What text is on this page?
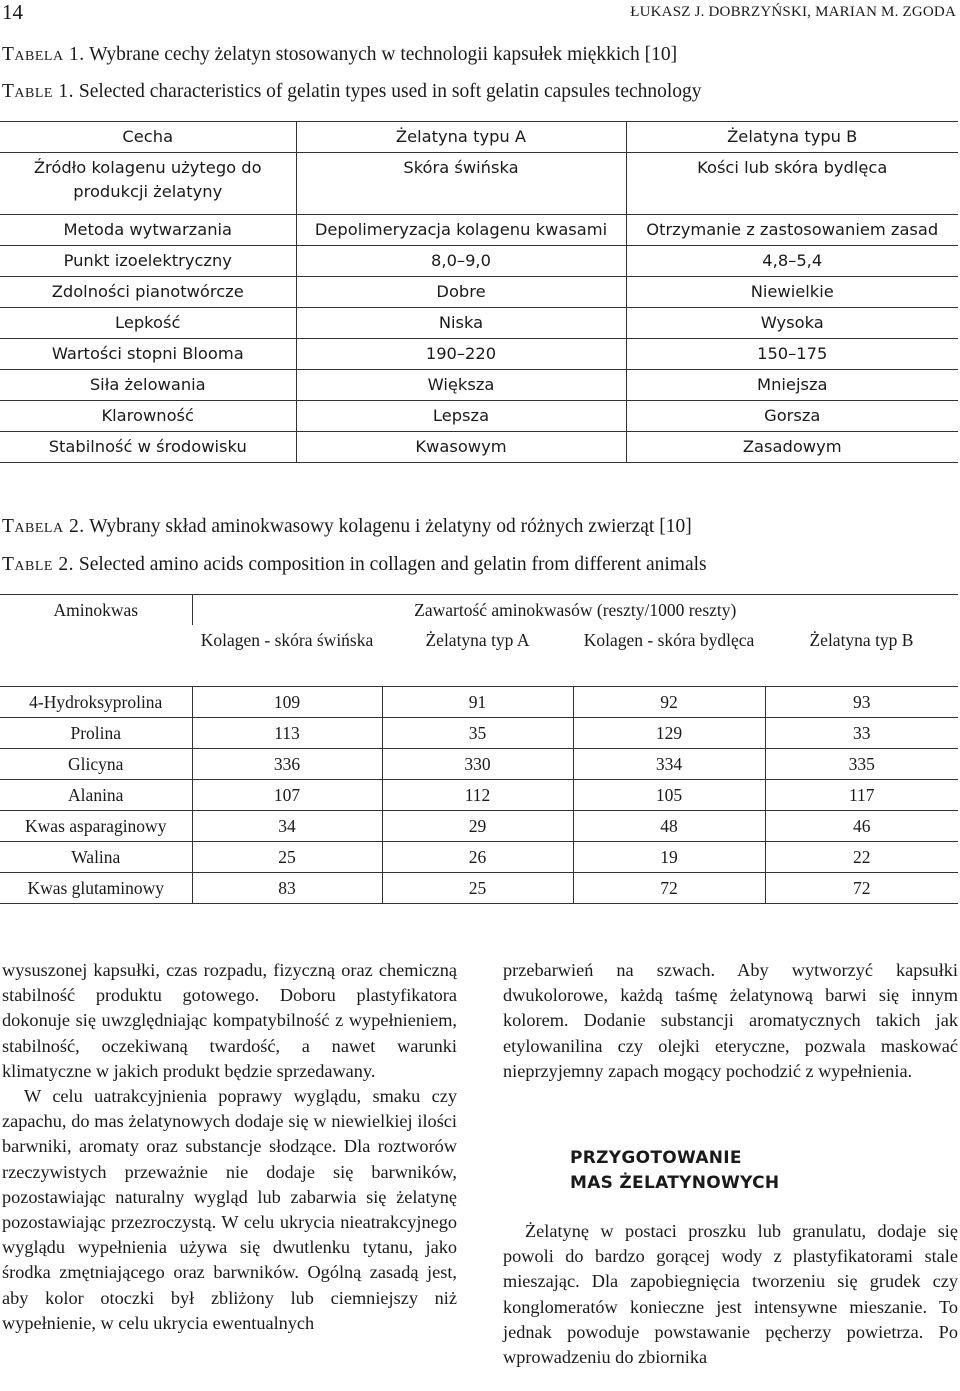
14	ŁUKASZ J. DOBRZYŃSKI, MARIAN M. ZGODA
Tabela 1. Wybrane cechy żelatyn stosowanych w technologii kapsułek miękkich [10]
Table 1. Selected characteristics of gelatin types used in soft gelatin capsules technology
Cecha	Żelatyna typu A	Żelatyna typu B
Źródło kolagenu użytego do produkcji żelatyny	Skóra świńska	Kości lub skóra bydlęca
Metoda wytwarzania	Depolimeryzacja kolagenu kwasami	Otrzymanie z zastosowaniem zasad
Punkt izoelektryczny	8,0–9,0	4,8–5,4
Zdolności pianotwórcze	Dobre	Niewielkie
Lepkość	Niska	Wysoka
Wartości stopni Blooma	190–220	150–175
Siła żelowania	Większa	Mniejsza
Klarowność	Lepsza	Gorsza
Stabilność w środowisku	Kwasowym	Zasadowym
Tabela 2. Wybrany skład aminokwasowy kolagenu i żelatyny od różnych zwierząt [10]
Table 2. Selected amino acids composition in collagen and gelatin from different animals
Aminokwas	Zawartość aminokwasów (reszty/1000 reszty)			
	Kolagen - skóra świńska	Żelatyna typ A	Kolagen - skóra bydlęca	Żelatyna typ B
4-Hydroksyprolina	109	91	92	93
Prolina	113	35	129	33
Glicyna	336	330	334	335
Alanina	107	112	105	117
Kwas asparaginowy	34	29	48	46
Walina	25	26	19	22
Kwas glutaminowy	83	25	72	72

wysuszonej kapsułki, czas rozpadu, fizyczną oraz chemiczną stabilność produktu gotowego. Doboru plastyfikatora dokonuje się uwzględniając kompatybilność z wypełnieniem, stabilność, oczekiwaną twardość, a nawet warunki klimatyczne w jakich produkt będzie sprzedawany.

W celu uatrakcyjnienia poprawy wyglądu, smaku czy zapachu, do mas żelatynowych dodaje się w niewielkiej ilości barwniki, aromaty oraz substancje słodzące. Dla roztworów rzeczywistych przeważnie nie dodaje się barwników, pozostawiając naturalny wygląd lub zabarwia się żelatynę pozostawiając przezroczystą. W celu ukrycia nieatrakcyjnego wyglądu wypełnienia używa się dwutlenku tytanu, jako środka zmętniającego oraz barwników. Ogólną zasadą jest, aby kolor otoczki był zbliżony lub ciemniejszy niż wypełnienie, w celu ukrycia ewentualnych

przebarwień na szwach. Aby wytworzyć kapsułki dwukolorowe, każdą taśmę żelatynową barwi się innym kolorem. Dodanie substancji aromatycznych takich jak etylowanilina czy olejki eteryczne, pozwala maskować nieprzyjemny zapach mogący pochodzić z wypełnienia.

PRZYGOTOWANIE
MAS ŻELATYNOWYCH

Żelatynę w postaci proszku lub granulatu, dodaje się powoli do bardzo gorącej wody z plastyfikatorami stale mieszając. Dla zapobiegnięcia tworzeniu się grudek czy konglomeratów konieczne jest intensywne mieszanie. To jednak powoduje powstawanie pęcherzy powietrza. Po wprowadzeniu do zbiornika
